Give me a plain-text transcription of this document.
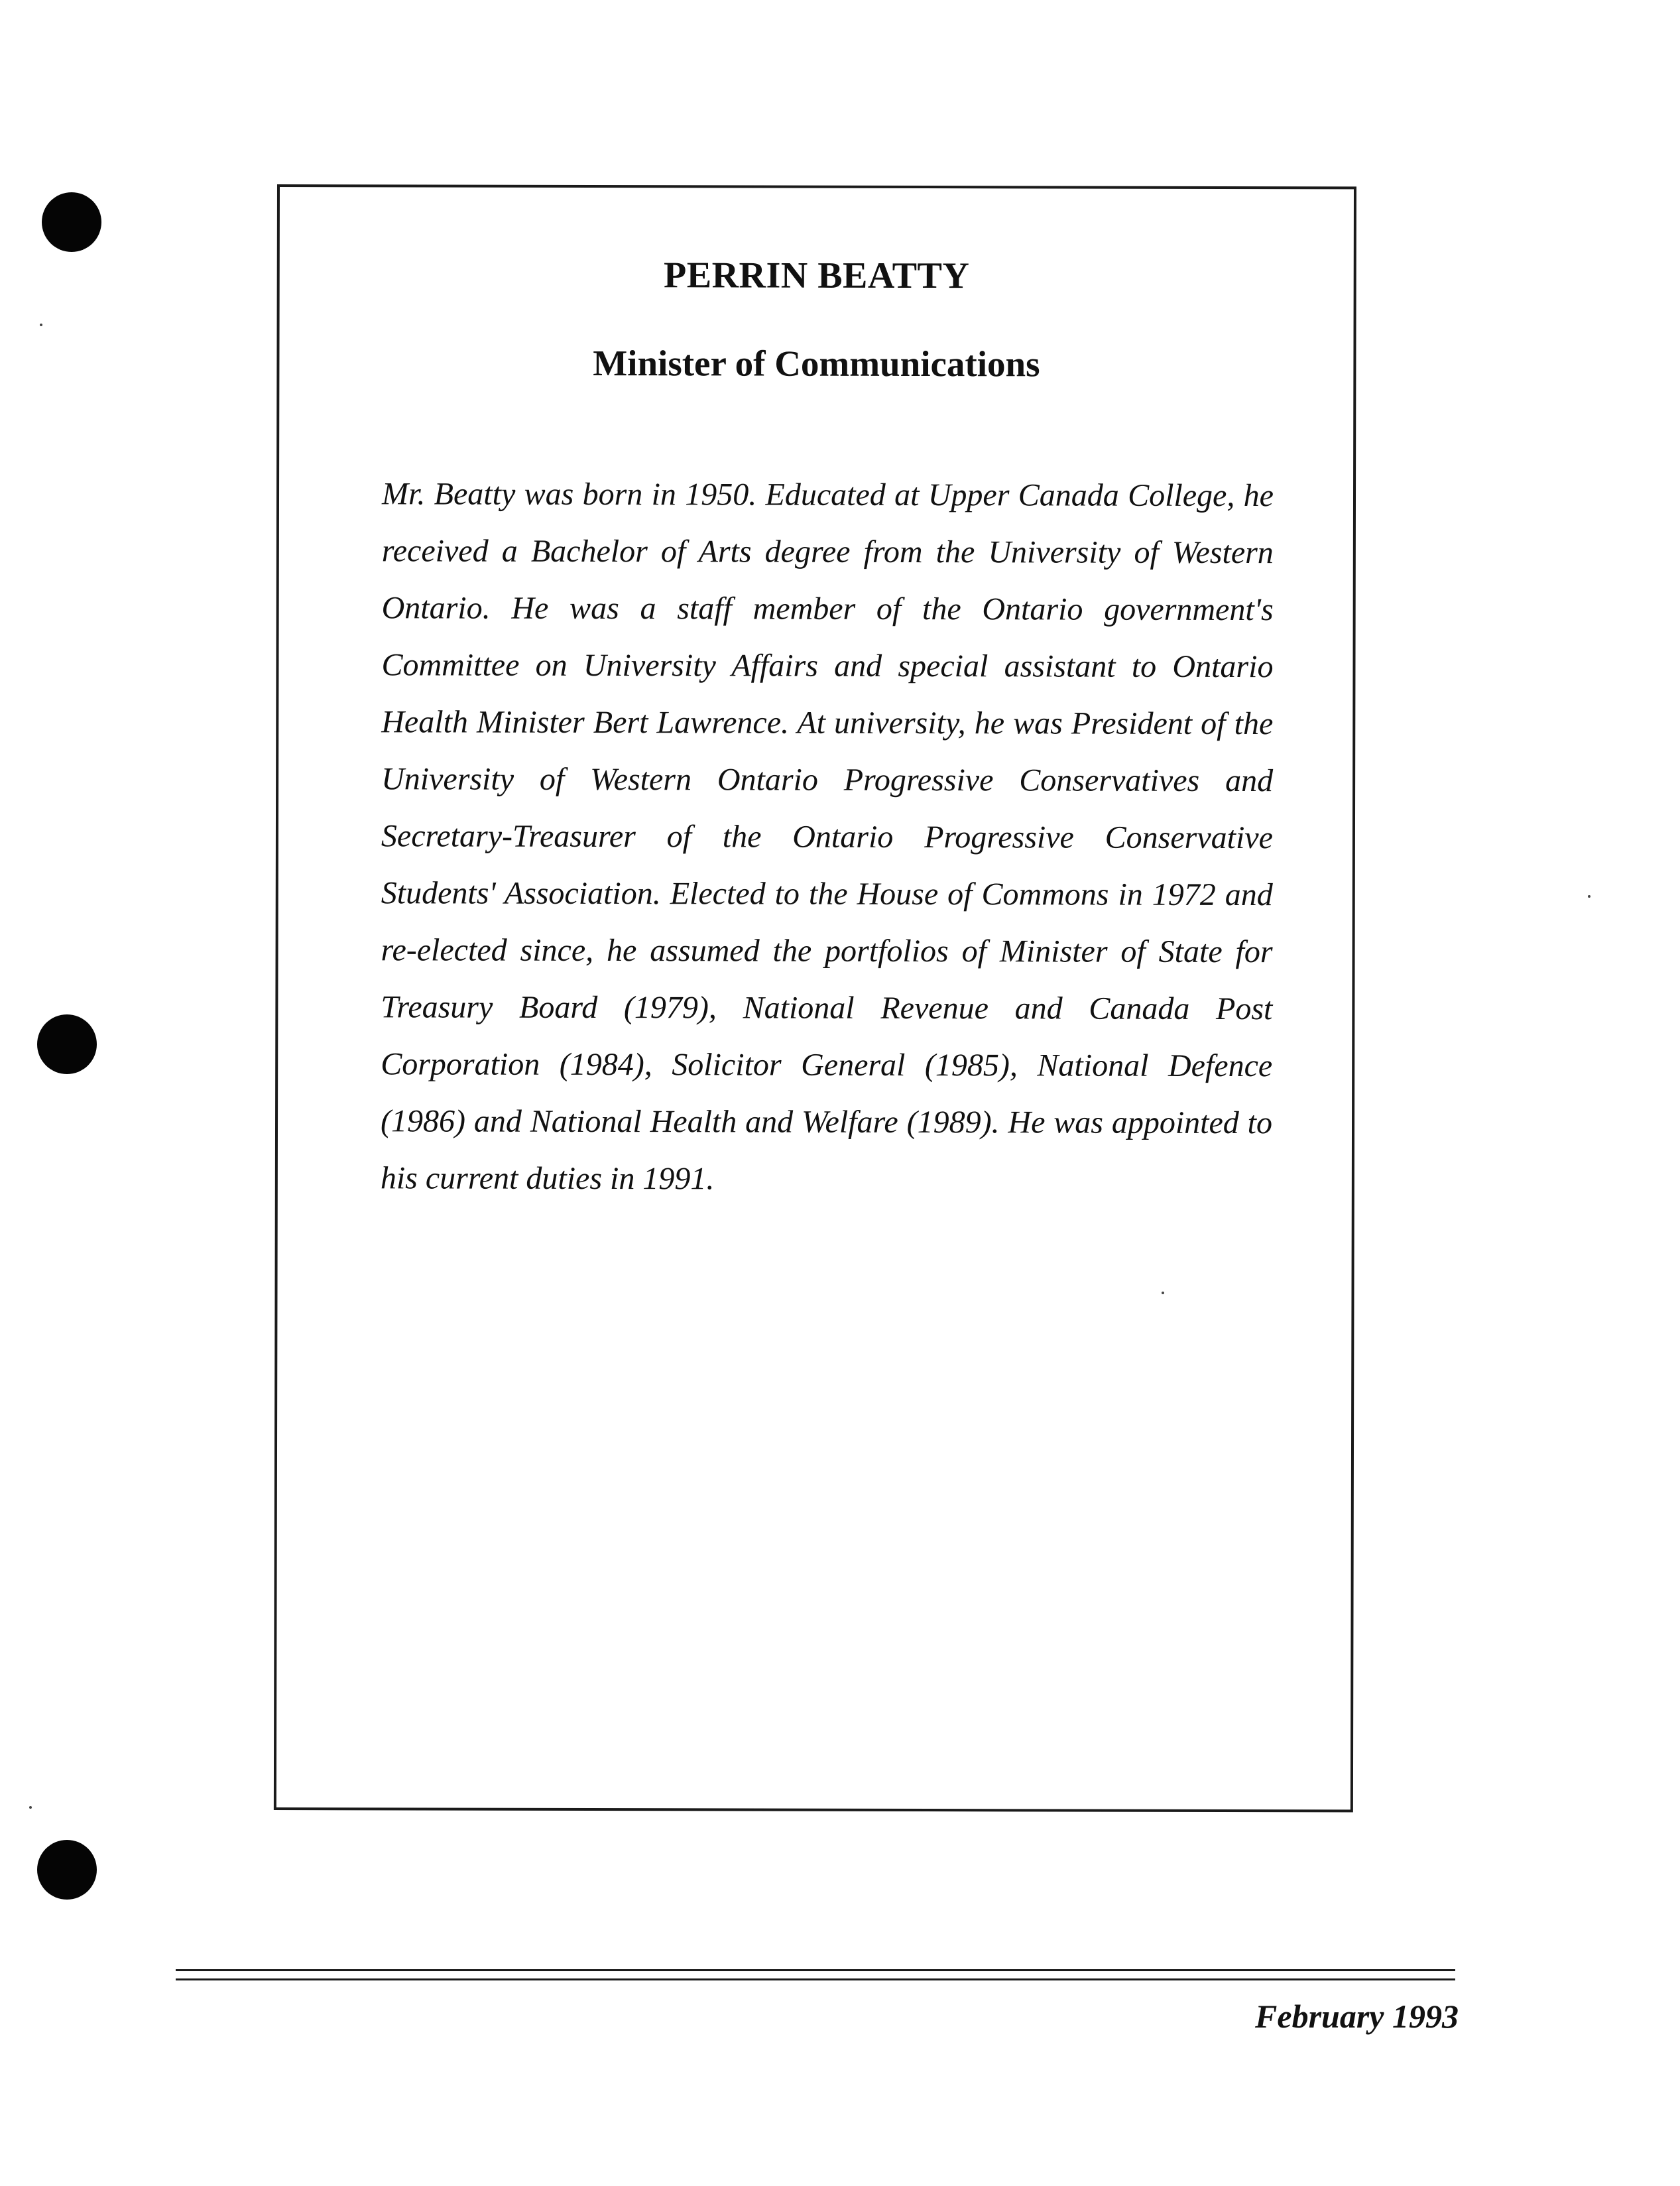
PERRIN BEATTY
Minister of Communications

Mr. Beatty was born in 1950. Educated at Upper Canada College, he received a Bachelor of Arts degree from the University of Western Ontario. He was a staff member of the Ontario government's Committee on University Affairs and special assistant to Ontario Health Minister Bert Lawrence. At university, he was President of the University of Western Ontario Progressive Conservatives and Secretary-Treasurer of the Ontario Progressive Conservative Students' Association. Elected to the House of Commons in 1972 and re-elected since, he assumed the portfolios of Minister of State for Treasury Board (1979), National Revenue and Canada Post Corporation (1984), Solicitor General (1985), National Defence (1986) and National Health and Welfare (1989). He was appointed to his current duties in 1991.

February 1993
